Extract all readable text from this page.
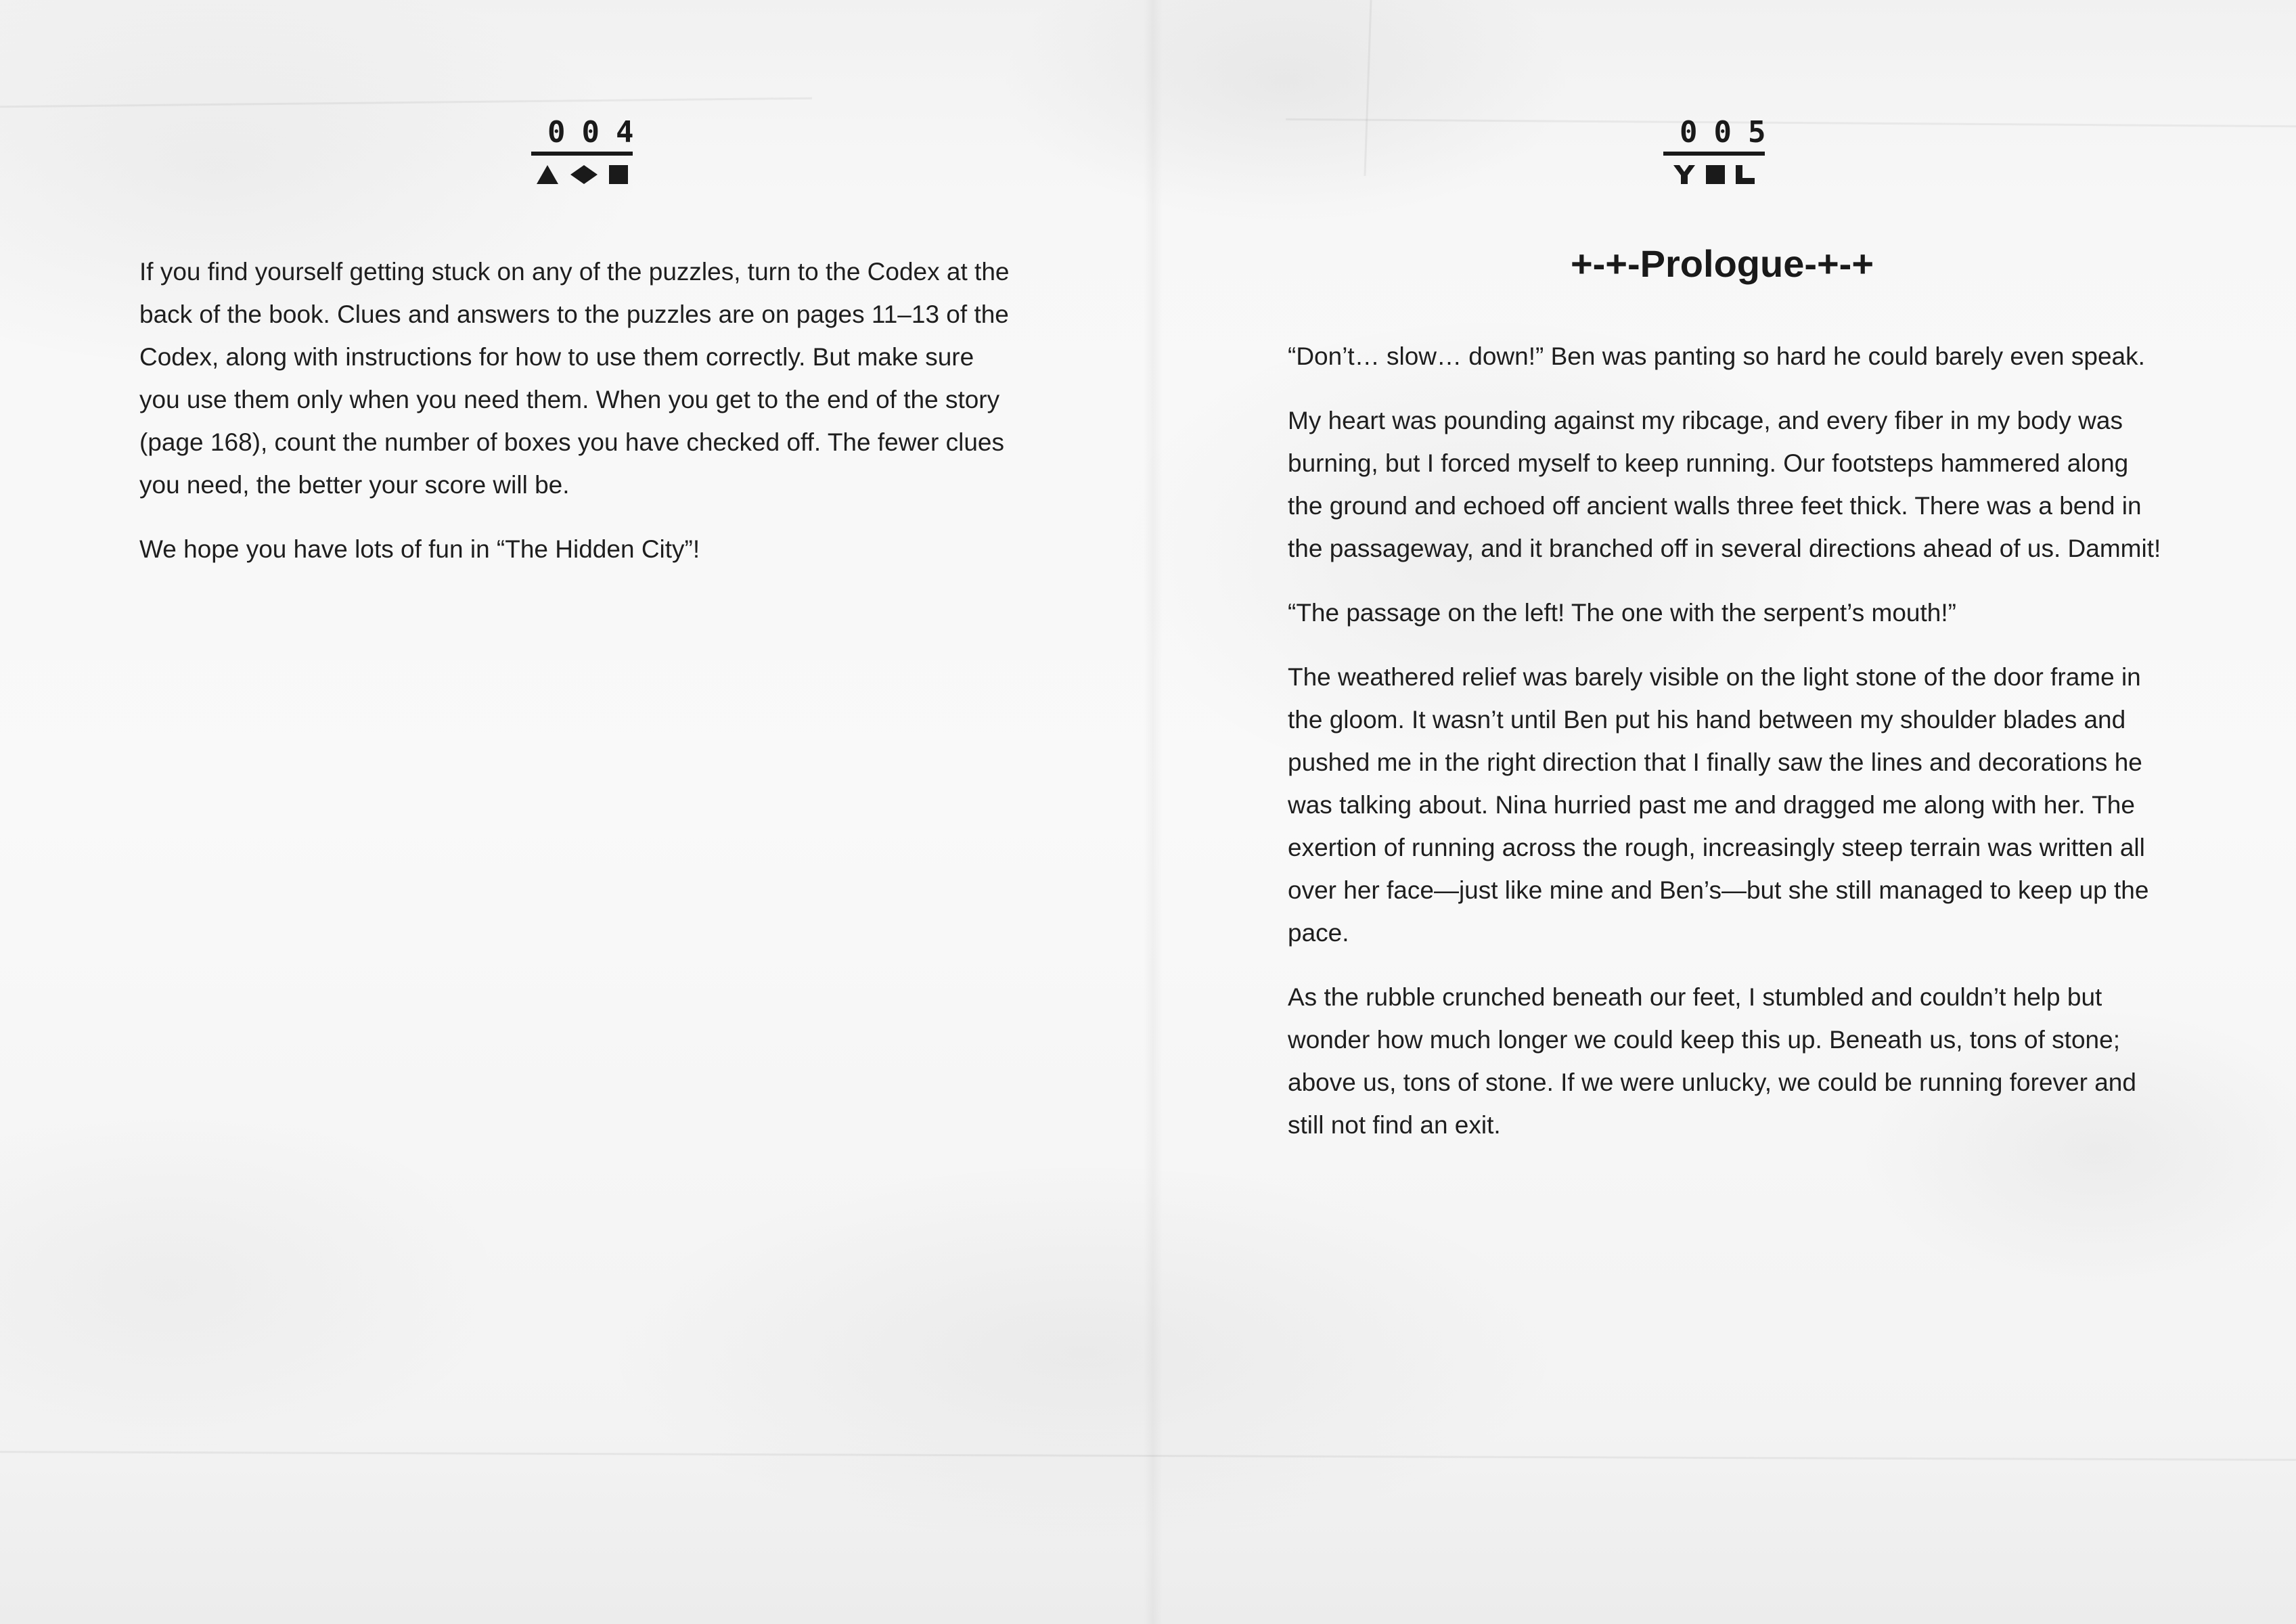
004

If you find yourself getting stuck on any of the puzzles, turn to the Codex at the back of the book. Clues and answers to the puzzles are on pages 11–13 of the Codex, along with instructions for how to use them correctly. But make sure you use them only when you need them. When you get to the end of the story (page 168), count the number of boxes you have checked off. The fewer clues you need, the better your score will be.

We hope you have lots of fun in “The Hidden City”!

005
+-+-Prologue-+-+

“Don’t… slow… down!” Ben was panting so hard he could barely even speak.

My heart was pounding against my ribcage, and every fiber in my body was burning, but I forced myself to keep running. Our footsteps hammered along the ground and echoed off ancient walls three feet thick. There was a bend in the passageway, and it branched off in several directions ahead of us. Dammit!

“The passage on the left! The one with the serpent’s mouth!”

The weathered relief was barely visible on the light stone of the door frame in the gloom. It wasn’t until Ben put his hand between my shoulder blades and pushed me in the right direction that I finally saw the lines and decorations he was talking about. Nina hurried past me and dragged me along with her. The exertion of running across the rough, increasingly steep terrain was written all over her face—just like mine and Ben’s—but she still managed to keep up the pace.

As the rubble crunched beneath our feet, I stumbled and couldn’t help but wonder how much longer we could keep this up. Beneath us, tons of stone; above us, tons of stone. If we were unlucky, we could be running forever and still not find an exit.
